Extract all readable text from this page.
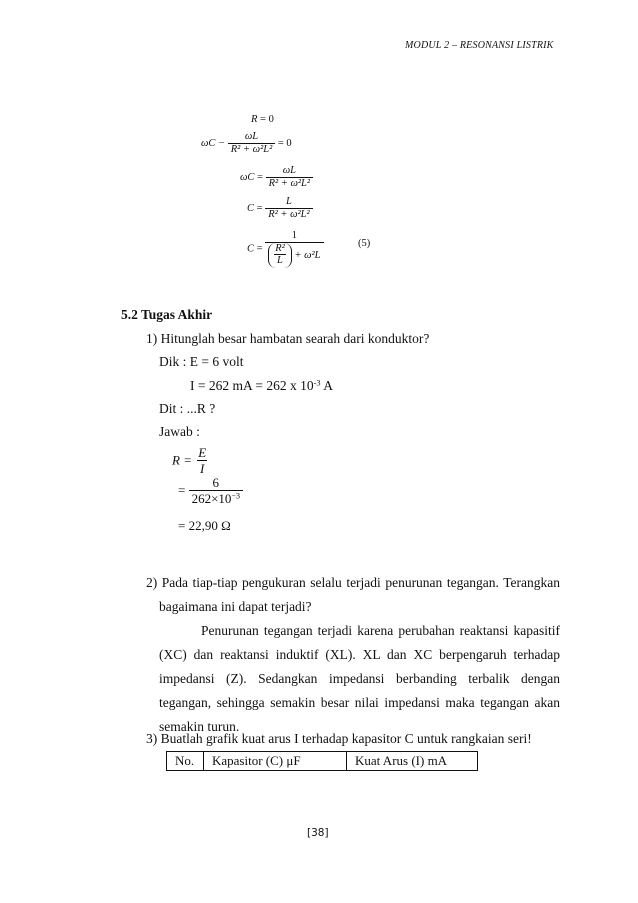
MODUL 2 – RESONANSI LISTRIK
R = 0
$\omega C - \frac{\omega L}{\text{R² + ω²L²}} = 0$
$\omega C = \frac{\omega L}{\text{R² + ω²L²}}$
$C = \frac{L}{\text{R² + ω²L²}}$
$C = \frac{1}{\frac{\text{R²}}{L} + \omega^2L}$	(5)
5.2 Tugas Akhir
1) Hitunglah besar hambatan searah dari konduktor?
Dik : E = 6 volt
I = 262 mA = 262 x $10^{-3}$ A
Dit : ...R ?
Jawab :
$R = \frac{E}{I}$
= $\frac{6}{262\times 10^{-3}}$
= 22,90 Ω
2) Pada tiap-tiap pengukuran selalu terjadi penurunan tegangan. Terangkan
bagaimana ini dapat terjadi?
Penurunan tegangan terjadi karena perubahan reaktansi kapasitif
(XC) dan reaktansi induktif (XL). XL dan XC berpengaruh terhadap
impedansi (Z). Sedangkan impedansi berbanding terbalik dengan
tegangan, sehingga semakin besar nilai impedansi maka tegangan akan
semakin turun.
3) Buatlah grafik kuat arus I terhadap kapasitor C untuk rangkaian seri!
No.	Kapasitor (C) μF	Kuat Arus (I) mA
[38]
